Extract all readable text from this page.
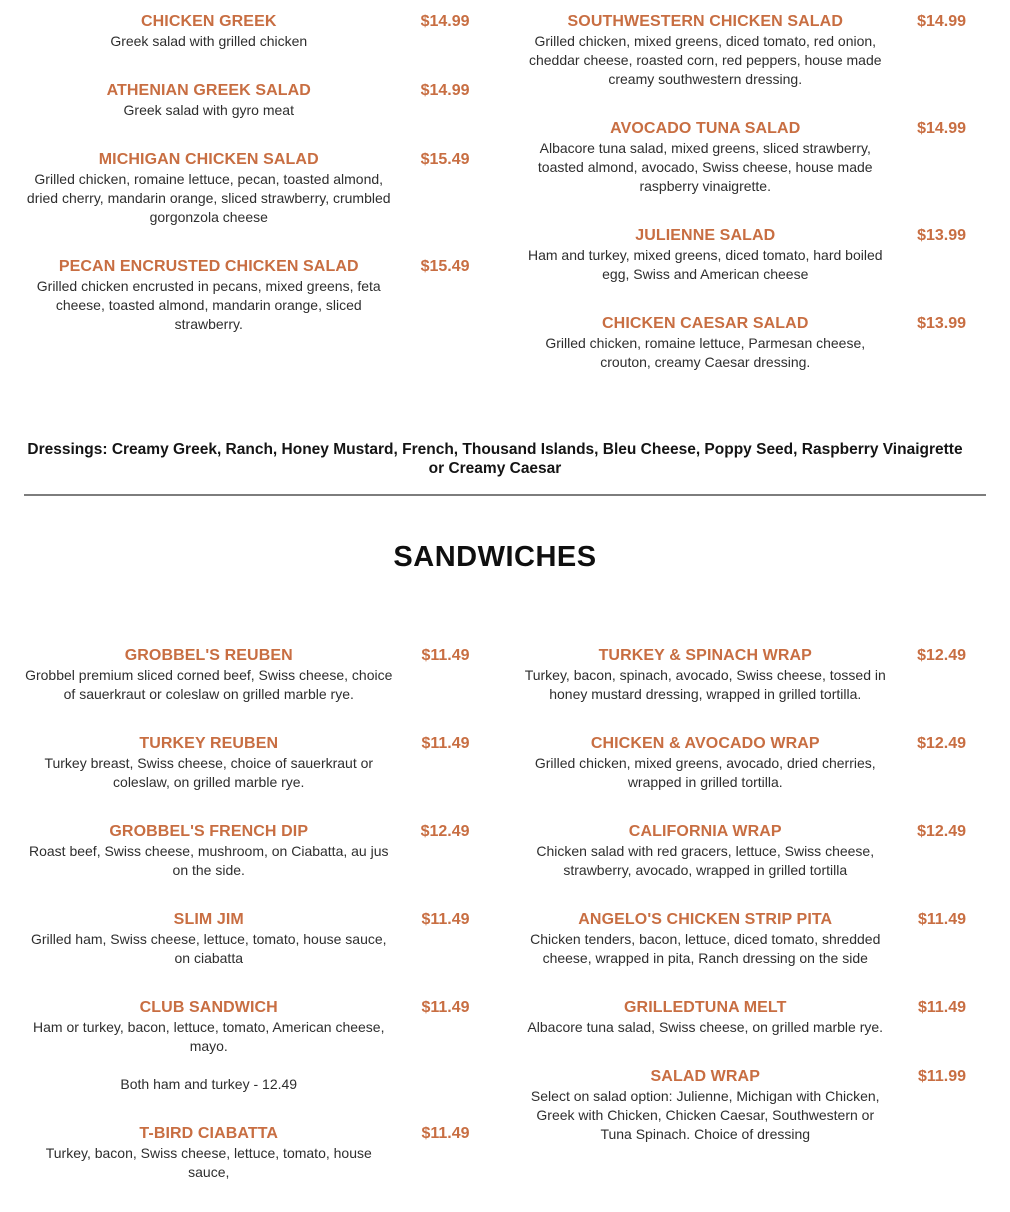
CHICKEN GREEK	$14.99

Greek salad with grilled chicken

ATHENIAN GREEK SALAD	$14.99

Greek salad with gyro meat

MICHIGAN CHICKEN SALAD	$15.49

Grilled chicken, romaine lettuce, pecan, toasted almond, dried cherry, mandarin orange, sliced strawberry, crumbled gorgonzola cheese

PECAN ENCRUSTED CHICKEN SALAD	$15.49

Grilled chicken encrusted in pecans, mixed greens, feta cheese, toasted almond, mandarin orange, sliced strawberry.

SOUTHWESTERN CHICKEN SALAD	$14.99

Grilled chicken, mixed greens, diced tomato, red onion, cheddar cheese, roasted corn, red peppers, house made creamy southwestern dressing.

AVOCADO TUNA SALAD	$14.99

Albacore tuna salad, mixed greens, sliced strawberry, toasted almond, avocado, Swiss cheese, house made raspberry vinaigrette.

JULIENNE SALAD	$13.99

Ham and turkey, mixed greens, diced tomato, hard boiled egg, Swiss and American cheese

CHICKEN CAESAR SALAD	$13.99

Grilled chicken, romaine lettuce, Parmesan cheese, crouton, creamy Caesar dressing.

Dressings: Creamy Greek, Ranch, Honey Mustard, French, Thousand Islands, Bleu Cheese, Poppy Seed, Raspberry Vinaigrette or Creamy Caesar

SANDWICHES
GROBBEL'S REUBEN	$11.49

Grobbel premium sliced corned beef, Swiss cheese, choice of sauerkraut or coleslaw on grilled marble rye.

TURKEY REUBEN	$11.49

Turkey breast, Swiss cheese, choice of sauerkraut or coleslaw, on grilled marble rye.

GROBBEL'S FRENCH DIP	$12.49

Roast beef, Swiss cheese, mushroom, on Ciabatta, au jus on the side.

SLIM JIM	$11.49

Grilled ham, Swiss cheese, lettuce, tomato, house sauce, on ciabatta

CLUB SANDWICH	$11.49

Ham or turkey, bacon, lettuce, tomato, American cheese, mayo.

Both ham and turkey - 12.49

T-BIRD CIABATTA	$11.49

Turkey, bacon, Swiss cheese, lettuce, tomato, house sauce,

TURKEY & SPINACH WRAP	$12.49

Turkey, bacon, spinach, avocado, Swiss cheese, tossed in honey mustard dressing, wrapped in grilled tortilla.

CHICKEN & AVOCADO WRAP	$12.49

Grilled chicken, mixed greens, avocado, dried cherries, wrapped in grilled tortilla.

CALIFORNIA WRAP	$12.49

Chicken salad with red gracers, lettuce, Swiss cheese, strawberry, avocado, wrapped in grilled tortilla

ANGELO'S CHICKEN STRIP PITA	$11.49

Chicken tenders, bacon, lettuce, diced tomato, shredded cheese, wrapped in pita, Ranch dressing on the side

GRILLEDTUNA MELT	$11.49

Albacore tuna salad, Swiss cheese, on grilled marble rye.

SALAD WRAP	$11.99

Select on salad option: Julienne, Michigan with Chicken, Greek with Chicken, Chicken Caesar, Southwestern or Tuna Spinach. Choice of dressing
